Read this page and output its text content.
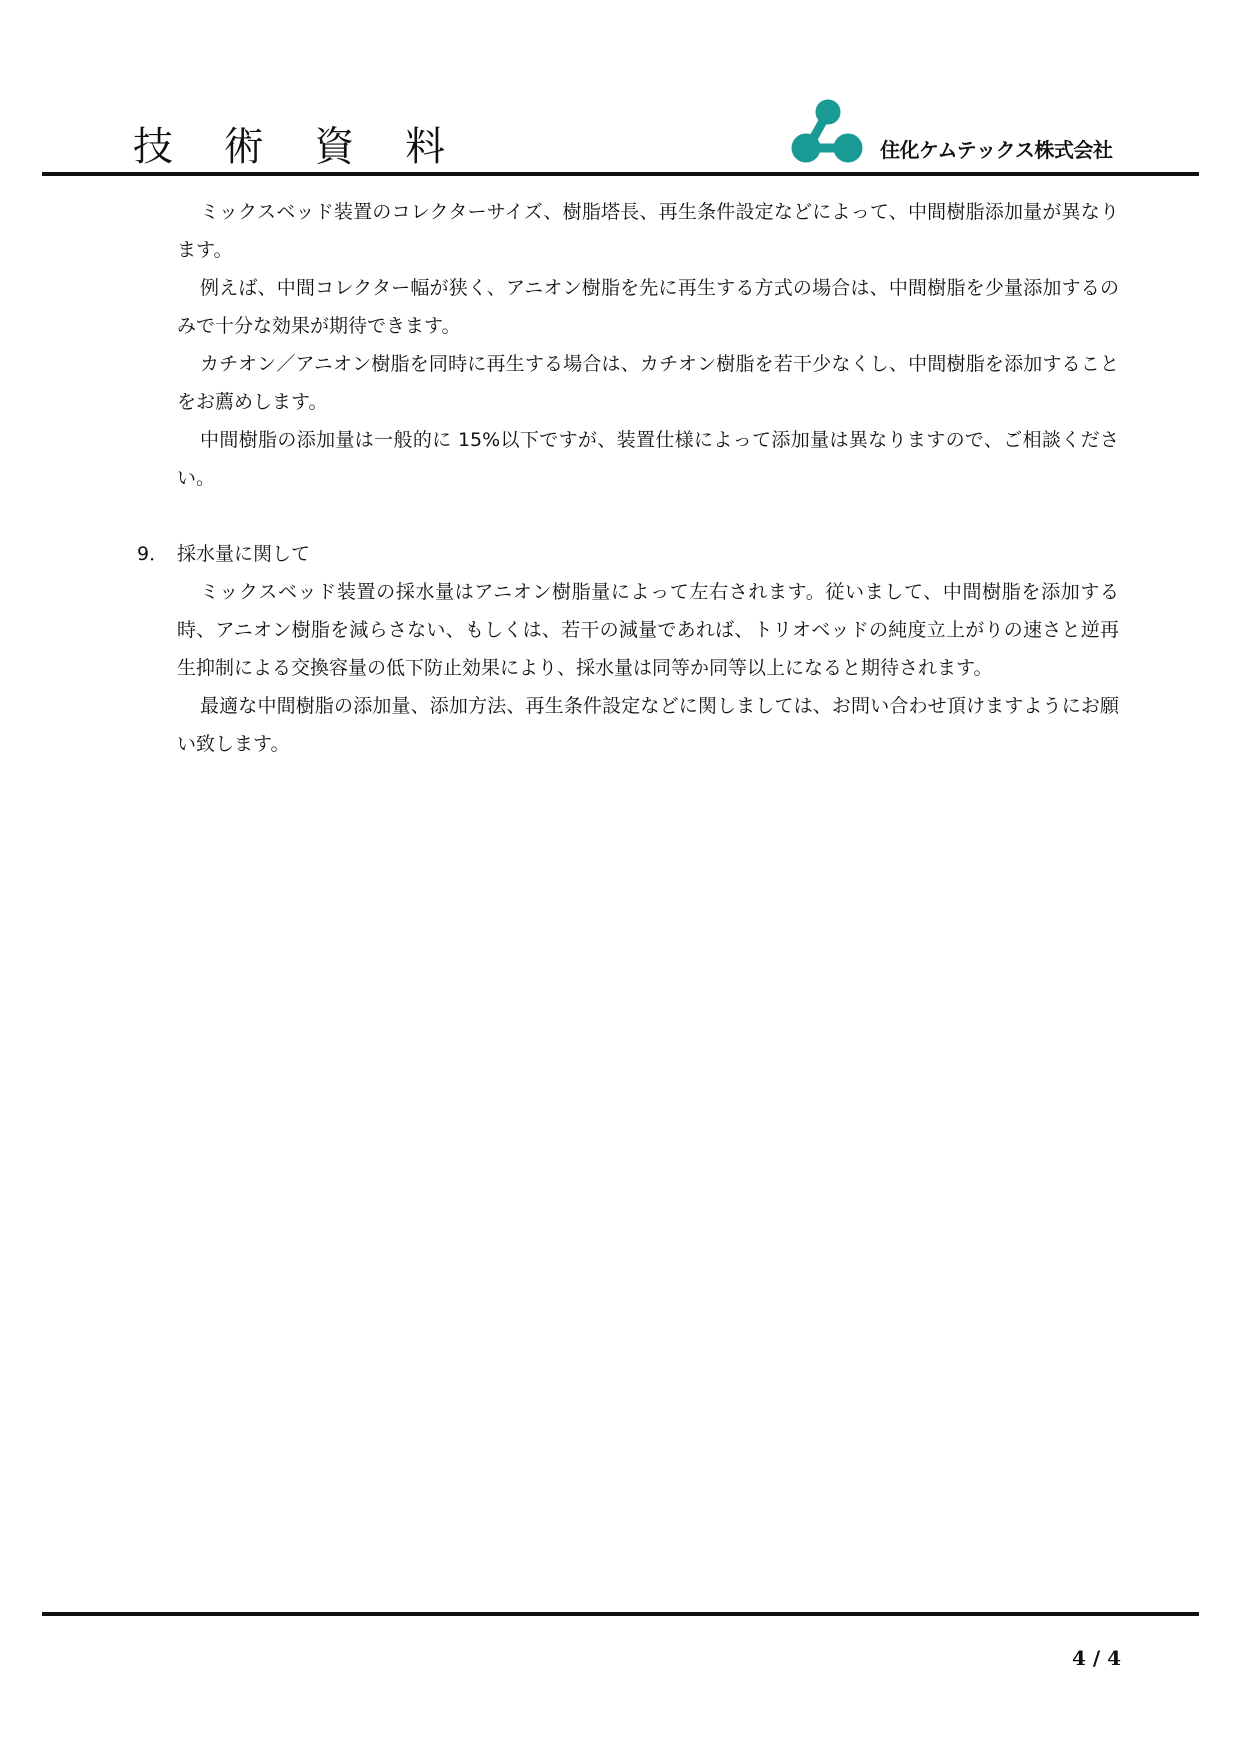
技 術 資 料	住化ケムテックス株式会社

ミックスベッド装置のコレクターサイズ、樹脂塔長、再生条件設定などによって、中間樹脂添加量が異なります。

例えば、中間コレクター幅が狭く、アニオン樹脂を先に再生する方式の場合は、中間樹脂を少量添加するのみで十分な効果が期待できます。

カチオン／アニオン樹脂を同時に再生する場合は、カチオン樹脂を若干少なくし、中間樹脂を添加することをお薦めします。

中間樹脂の添加量は一般的に 15%以下ですが、装置仕様によって添加量は異なりますので、ご相談ください。

9． 採水量に関して

ミックスベッド装置の採水量はアニオン樹脂量によって左右されます。従いまして、中間樹脂を添加する時、アニオン樹脂を減らさない、もしくは、若干の減量であれば、トリオベッドの純度立上がりの速さと逆再生抑制による交換容量の低下防止効果により、採水量は同等か同等以上になると期待されます。

最適な中間樹脂の添加量、添加方法、再生条件設定などに関しましては、お問い合わせ頂けますようにお願い致します。

4 / 4
